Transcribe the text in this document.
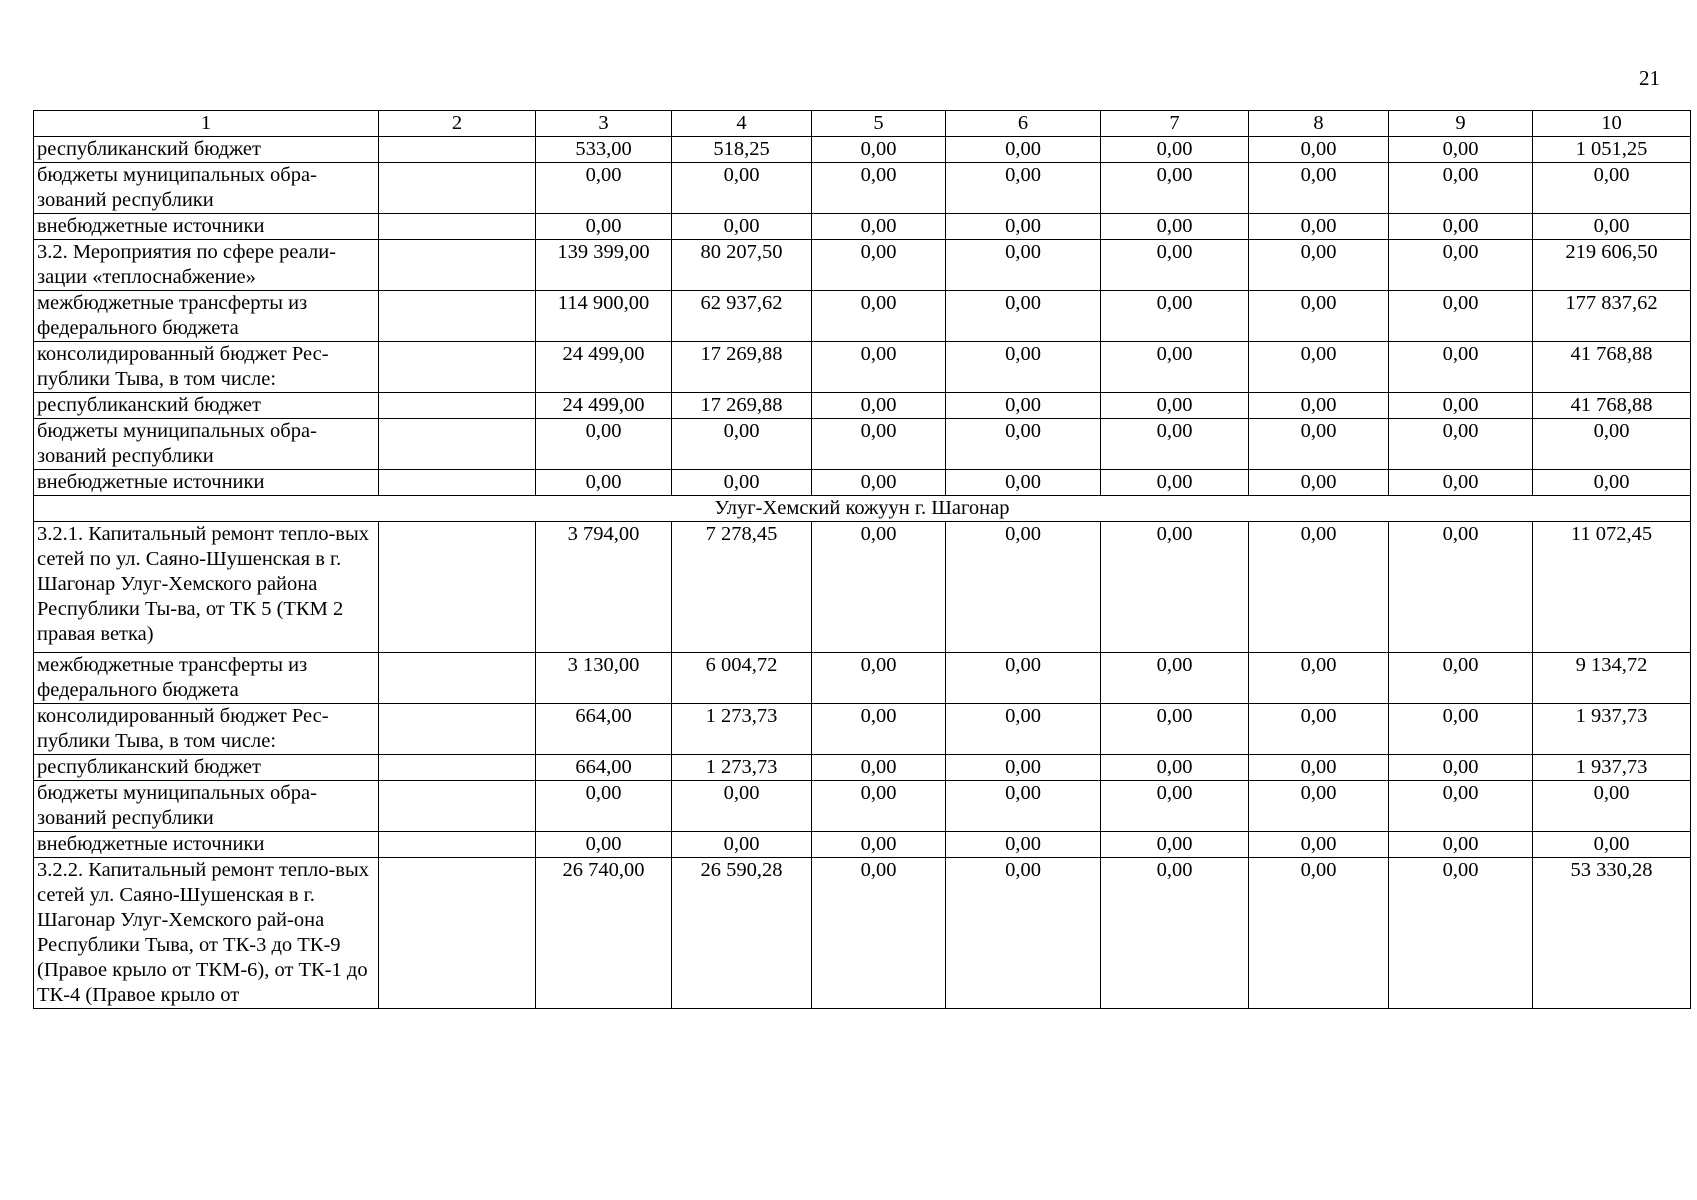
21
1	2	3	4	5	6	7	8	9	10
республиканский бюджет		533,00	518,25	0,00	0,00	0,00	0,00	0,00	1 051,25
бюджеты муниципальных обра-зований республики		0,00	0,00	0,00	0,00	0,00	0,00	0,00	0,00
внебюджетные источники		0,00	0,00	0,00	0,00	0,00	0,00	0,00	0,00
3.2. Мероприятия по сфере реали-зации «теплоснабжение»		139 399,00	80 207,50	0,00	0,00	0,00	0,00	0,00	219 606,50
межбюджетные трансферты из федерального бюджета		114 900,00	62 937,62	0,00	0,00	0,00	0,00	0,00	177 837,62
консолидированный бюджет Рес-публики Тыва, в том числе:		24 499,00	17 269,88	0,00	0,00	0,00	0,00	0,00	41 768,88
республиканский бюджет		24 499,00	17 269,88	0,00	0,00	0,00	0,00	0,00	41 768,88
бюджеты муниципальных обра-зований республики		0,00	0,00	0,00	0,00	0,00	0,00	0,00	0,00
внебюджетные источники		0,00	0,00	0,00	0,00	0,00	0,00	0,00	0,00
Улуг-Хемский кожуун г. Шагонар									
3.2.1. Капитальный ремонт тепло-вых сетей по ул. Саяно-Шушенская в г. Шагонар Улуг-Хемского района Республики Ты-ва, от ТК 5 (ТКМ 2 правая ветка)		3 794,00	7 278,45	0,00	0,00	0,00	0,00	0,00	11 072,45
межбюджетные трансферты из федерального бюджета		3 130,00	6 004,72	0,00	0,00	0,00	0,00	0,00	9 134,72
консолидированный бюджет Рес-публики Тыва, в том числе:		664,00	1 273,73	0,00	0,00	0,00	0,00	0,00	1 937,73
республиканский бюджет		664,00	1 273,73	0,00	0,00	0,00	0,00	0,00	1 937,73
бюджеты муниципальных обра-зований республики		0,00	0,00	0,00	0,00	0,00	0,00	0,00	0,00
внебюджетные источники		0,00	0,00	0,00	0,00	0,00	0,00	0,00	0,00
3.2.2. Капитальный ремонт тепло-вых сетей ул. Саяно-Шушенская в г. Шагонар Улуг-Хемского рай-она Республики Тыва, от ТК-3 до ТК-9 (Правое крыло от ТКМ-6), от ТК-1 до ТК-4 (Правое крыло от		26 740,00	26 590,28	0,00	0,00	0,00	0,00	0,00	53 330,28
